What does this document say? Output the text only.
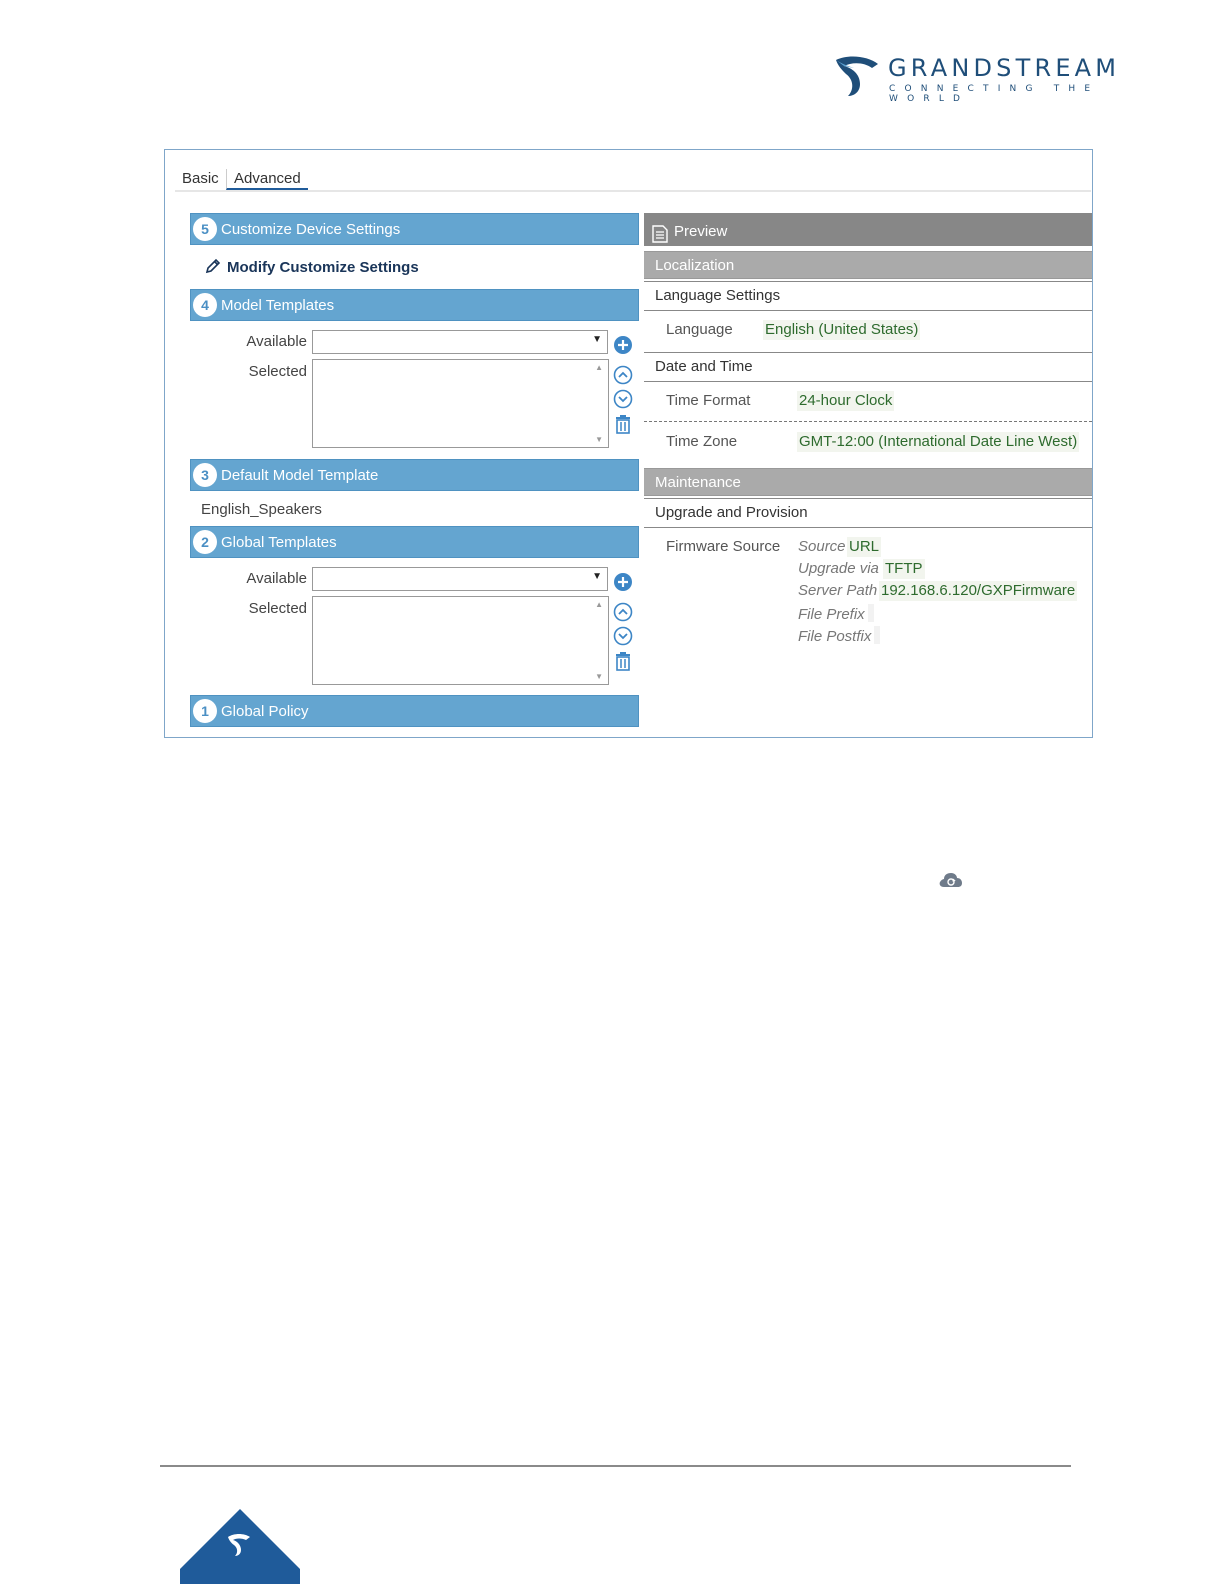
GRANDSTREAM
CONNECTING THE WORLD
Basic	Advanced
5 Customize Device Settings
Modify Customize Settings
4 Model Templates
Available	▼
Selected	▲
▼
3 Default Model Template
English_Speakers
2 Global Templates
Available	▼
Selected	▲
▼
1 Global Policy
Preview
Localization
Language Settings
Language English (United States)
Date and Time
Time Format	24-hour Clock
Time Zone	GMT-12:00 (International Date Line West)
Maintenance
Upgrade and Provision
Firmware Source Source URL
Upgrade via TFTP
Server Path 192.168.6.120/GXPFirmware
File Prefix
File Postfix
